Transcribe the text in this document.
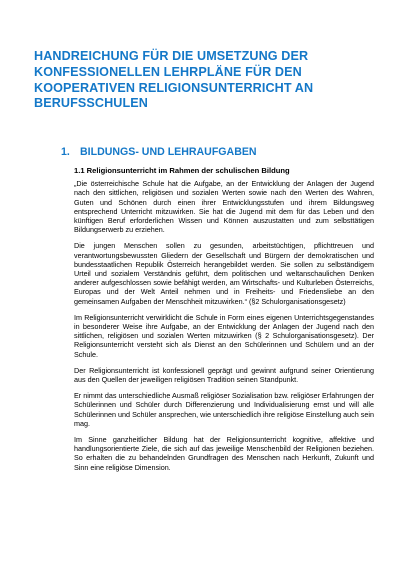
HANDREICHUNG FÜR DIE UMSETZUNG DER
KONFESSIONELLEN LEHRPLÄNE FÜR DEN
KOOPERATIVEN RELIGIONSUNTERRICHT AN
BERUFSSCHULEN
1. BILDUNGS- UND LEHRAUFGABEN
1.1 Religionsunterricht im Rahmen der schulischen Bildung

„Die österreichische Schule hat die Aufgabe, an der Entwicklung der Anlagen der Jugend nach den sittlichen, religiösen und sozialen Werten sowie nach den Werten des Wahren, Guten und Schönen durch einen ihrer Entwicklungsstufen und ihrem Bildungsweg entsprechend Unterricht mitzuwirken. Sie hat die Jugend mit dem für das Leben und den künftigen Beruf erforderlichen Wissen und Können auszustatten und zum selbsttätigen Bildungserwerb zu erziehen.

Die jungen Menschen sollen zu gesunden, arbeitstüchtigen, pflichttreuen und verantwortungsbewussten Gliedern der Gesellschaft und Bürgern der demokratischen und bundesstaatlichen Republik Österreich herangebildet werden. Sie sollen zu selbständigem Urteil und sozialem Verständnis geführt, dem politischen und weltanschaulichen Denken anderer aufgeschlossen sowie befähigt werden, am Wirtschafts- und Kulturleben Österreichs, Europas und der Welt Anteil nehmen und in Freiheits- und Friedensliebe an den gemeinsamen Aufgaben der Menschheit mitzuwirken.“ (§2 Schulorganisationsgesetz)

Im Religionsunterricht verwirklicht die Schule in Form eines eigenen Unterrichtsgegenstandes in besonderer Weise ihre Aufgabe, an der Entwicklung der Anlagen der Jugend nach den sittlichen, religiösen und sozialen Werten mitzuwirken (§ 2 Schulorganisationsgesetz). Der Religionsunterricht versteht sich als Dienst an den Schülerinnen und Schülern und an der Schule.

Der Religionsunterricht ist konfessionell geprägt und gewinnt aufgrund seiner Orientierung aus den Quellen der jeweiligen religiösen Tradition seinen Standpunkt.

Er nimmt das unterschiedliche Ausmaß religiöser Sozialisation bzw. religiöser Erfahrungen der Schülerinnen und Schüler durch Differenzierung und Individualisierung ernst und will alle Schülerinnen und Schüler ansprechen, wie unterschiedlich ihre religiöse Einstellung auch sein mag.

Im Sinne ganzheitlicher Bildung hat der Religionsunterricht kognitive, affektive und handlungsorientierte Ziele, die sich auf das jeweilige Menschenbild der Religionen beziehen. So erhalten die zu behandelnden Grundfragen des Menschen nach Herkunft, Zukunft und Sinn eine religiöse Dimension.
